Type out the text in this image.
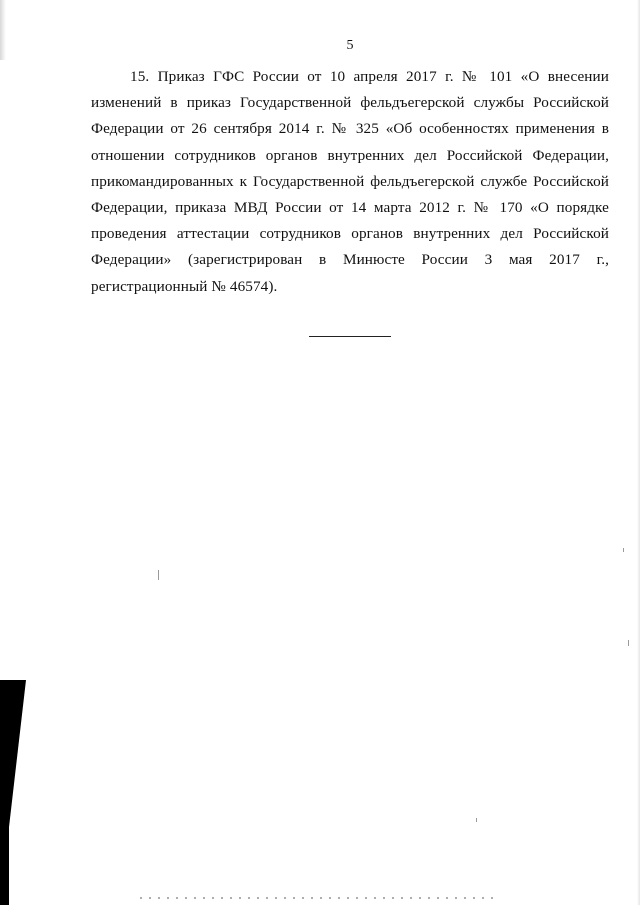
5

15. Приказ ГФС России от 10 апреля 2017 г. № 101 «О внесении изменений в приказ Государственной фельдъегерской службы Российской Федерации от 26 сентября 2014 г. № 325 «Об особенностях применения в отношении сотрудников органов внутренних дел Российской Федерации, прикомандированных к Государственной фельдъегерской службе Российской Федерации, приказа МВД России от 14 марта 2012 г. № 170 «О порядке проведения аттестации сотрудников органов внутренних дел Российской Федерации» (зарегистрирован в Минюсте России 3 мая 2017 г., регистрационный № 46574).
